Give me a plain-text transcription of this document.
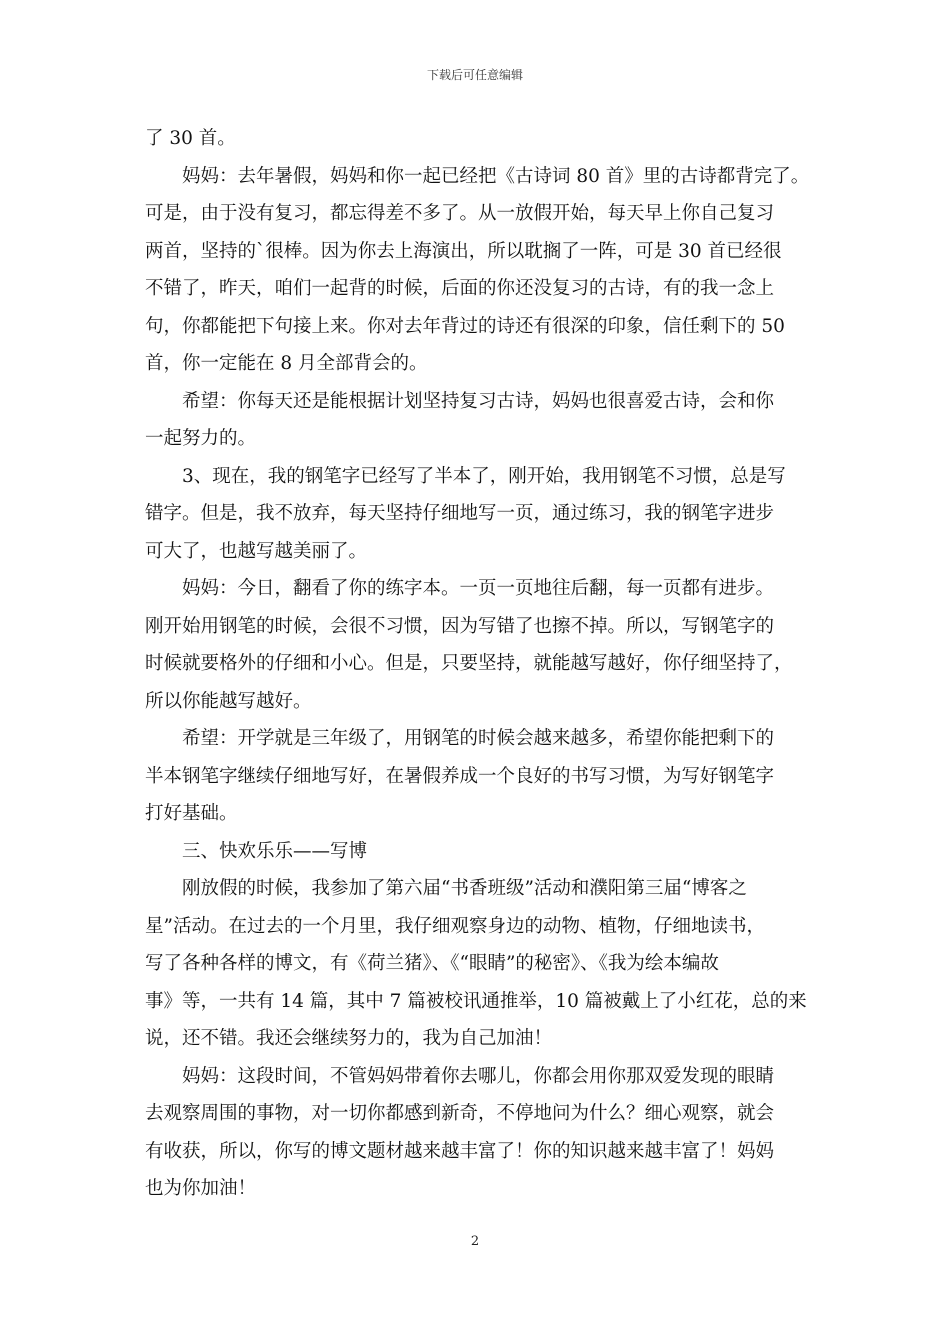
下载后可任意编辑
了 30 首。
妈妈：去年暑假，妈妈和你一起已经把《古诗词 80 首》里的古诗都背完了。
可是，由于没有复习，都忘得差不多了。从一放假开始，每天早上你自己复习
两首，坚持的`很棒。因为你去上海演出，所以耽搁了一阵，可是 30 首已经很
不错了，昨天，咱们一起背的时候，后面的你还没复习的古诗，有的我一念上
句，你都能把下句接上来。你对去年背过的诗还有很深的印象，信任剩下的 50
首，你一定能在 8 月全部背会的。
希望：你每天还是能根据计划坚持复习古诗，妈妈也很喜爱古诗，会和你
一起努力的。
3、现在，我的钢笔字已经写了半本了，刚开始，我用钢笔不习惯，总是写
错字。但是，我不放弃，每天坚持仔细地写一页，通过练习，我的钢笔字进步
可大了，也越写越美丽了。
妈妈：今日，翻看了你的练字本。一页一页地往后翻，每一页都有进步。
刚开始用钢笔的时候，会很不习惯，因为写错了也擦不掉。所以，写钢笔字的
时候就要格外的仔细和小心。但是，只要坚持，就能越写越好，你仔细坚持了，
所以你能越写越好。
希望：开学就是三年级了，用钢笔的时候会越来越多，希望你能把剩下的
半本钢笔字继续仔细地写好，在暑假养成一个良好的书写习惯，为写好钢笔字
打好基础。
三、快欢乐乐——写博
刚放假的时候，我参加了第六届“书香班级”活动和濮阳第三届“博客之
星”活动。在过去的一个月里，我仔细观察身边的动物、植物，仔细地读书，
写了各种各样的博文，有《荷兰猪》、《“眼睛”的秘密》、《我为绘本编故
事》等，一共有 14 篇，其中 7 篇被校讯通推举，10 篇被戴上了小红花，总的来
说，还不错。我还会继续努力的，我为自己加油！
妈妈：这段时间，不管妈妈带着你去哪儿，你都会用你那双爱发现的眼睛
去观察周围的事物，对一切你都感到新奇，不停地问为什么？细心观察，就会
有收获，所以，你写的博文题材越来越丰富了！你的知识越来越丰富了！妈妈
也为你加油！
2
